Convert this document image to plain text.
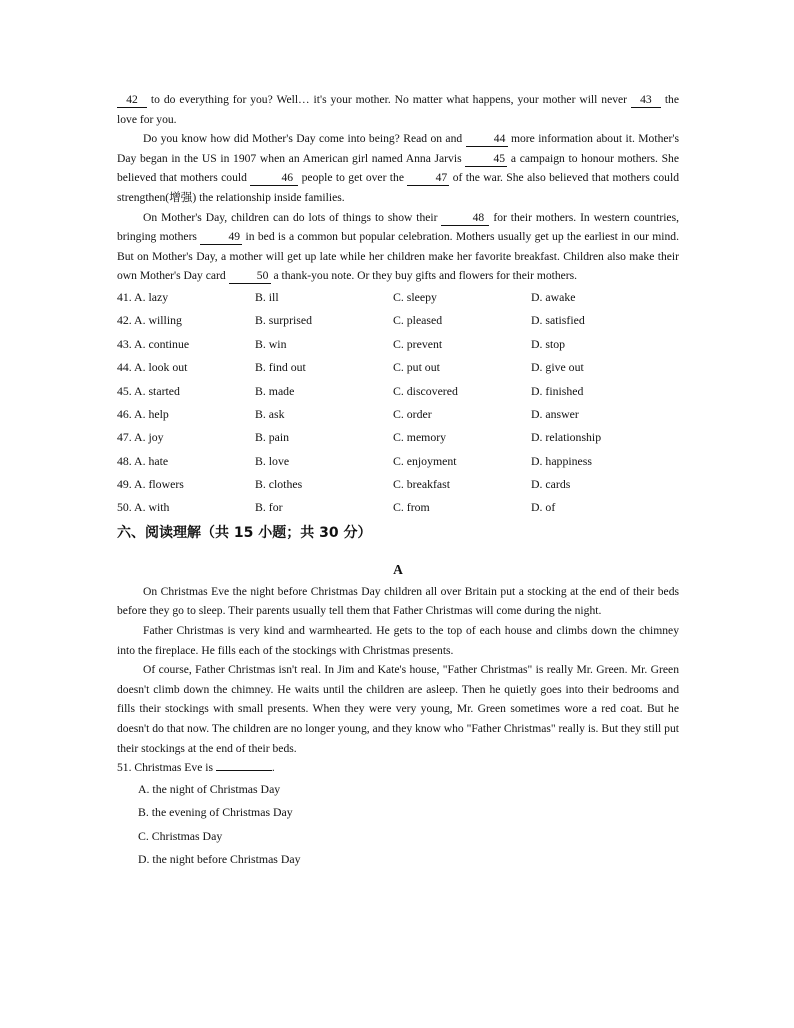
42 to do everything for you? Well… it's your mother. No matter what happens, your mother will never 43 the love for you.

Do you know how did Mother's Day come into being? Read on and 44 more information about it. Mother's Day began in the US in 1907 when an American girl named Anna Jarvis 45 a campaign to honour mothers. She believed that mothers could	46 people to get over the 47 of the war. She also believed that mothers could strengthen(增强) the relationship inside families.

On Mother's Day, children can do lots of things to show their	48 for their mothers. In western countries, bringing mothers 49 in bed is a common but popular celebration. Mothers usually get up the earliest in our mind. But on Mother's Day, a mother will get up late while her children make her favorite breakfast. Children also make their own Mother's Day card 50 a thank-you note. Or they buy gifts and flowers for their mothers.

41. A. lazy	B. ill	C. sleepy	D. awake
42. A. willing	B. surprised	C. pleased	D. satisfied
43. A. continue	B. win	C. prevent	D. stop
44. A. look out	B. find out	C. put out	D. give out
45. A. started	B. made	C. discovered	D. finished
46. A. help	B. ask	C. order	D. answer
47. A. joy	B. pain	C. memory	D. relationship
48. A. hate	B. love	C. enjoyment	D. happiness
49. A. flowers	B. clothes	C. breakfast	D. cards
50. A. with	B. for	C. from	D. of
六、阅读理解（共 15 小题；共 30 分）
A

On Christmas Eve the night before Christmas Day children all over Britain put a stocking at the end of their beds before they go to sleep. Their parents usually tell them that Father Christmas will come during the night.

Father Christmas is very kind and warmhearted. He gets to the top of each house and climbs down the chimney into the fireplace. He fills each of the stockings with Christmas presents.

Of course, Father Christmas isn't real. In Jim and Kate's house, "Father Christmas" is really Mr. Green. Mr. Green doesn't climb down the chimney. He waits until the children are asleep. Then he quietly goes into their bedrooms and fills their stockings with small presents. When they were very young, Mr. Green sometimes wore a red coat. But he doesn't do that now. The children are no longer young, and they know who "Father Christmas" really is. But they still put their stockings at the end of their beds.

51. Christmas Eve is	.
A. the night of Christmas Day
B. the evening of Christmas Day
C. Christmas Day
D. the night before Christmas Day
